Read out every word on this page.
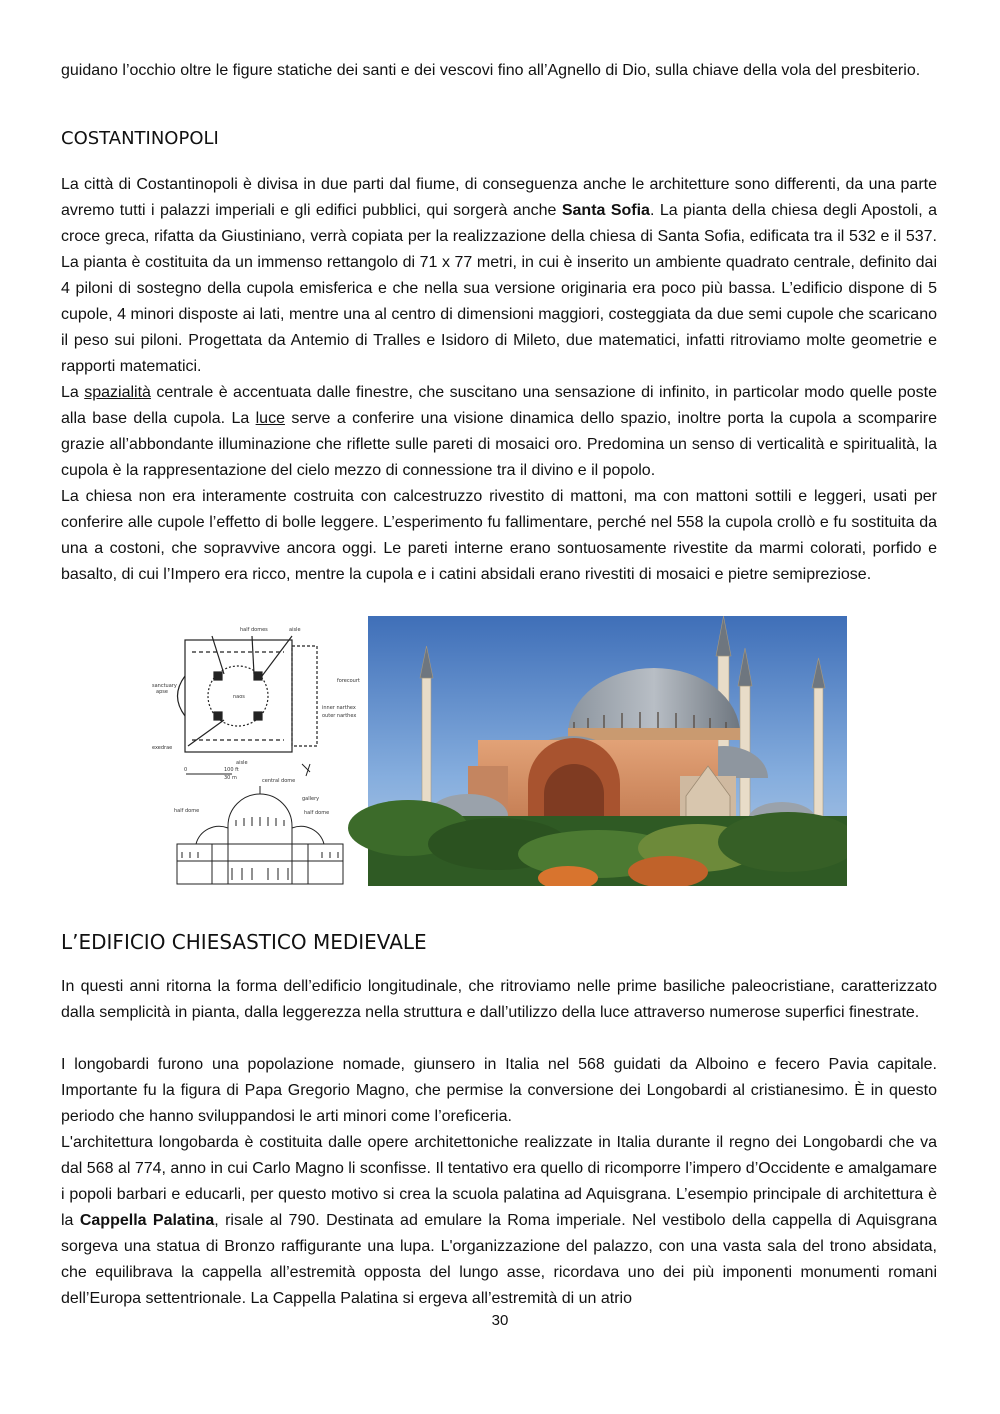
guidano l’occhio oltre le figure statiche dei santi e dei vescovi fino all’Agnello di Dio, sulla chiave della vola del presbiterio.

COSTANTINOPOLI

La città di Costantinopoli è divisa in due parti dal fiume, di conseguenza anche le architetture sono differenti, da una parte avremo tutti i palazzi imperiali e gli edifici pubblici, qui sorgerà anche Santa Sofia. La pianta della chiesa degli Apostoli, a croce greca, rifatta da Giustiniano, verrà copiata per la realizzazione della chiesa di Santa Sofia, edificata tra il 532 e il 537. La pianta è costituita da un immenso rettangolo di 71 x 77 metri, in cui è inserito un ambiente quadrato centrale, definito dai 4 piloni di sostegno della cupola emisferica e che nella sua versione originaria era poco più bassa. L’edificio dispone di 5 cupole, 4 minori disposte ai lati, mentre una al centro di dimensioni maggiori, costeggiata da due semi cupole che scaricano il peso sui piloni. Progettata da Antemio di Tralles e Isidoro di Mileto, due matematici, infatti ritroviamo molte geometrie e rapporti matematici.

La spazialità centrale è accentuata dalle finestre, che suscitano una sensazione di infinito, in particolar modo quelle poste alla base della cupola. La luce serve a conferire una visione dinamica dello spazio, inoltre porta la cupola a scomparire grazie all’abbondante illuminazione che riflette sulle pareti di mosaici oro. Predomina un senso di verticalità e spiritualità, la cupola è la rappresentazione del cielo mezzo di connessione tra il divino e il popolo.

La chiesa non era interamente costruita con calcestruzzo rivestito di mattoni, ma con mattoni sottili e leggeri, usati per conferire alle cupole l’effetto di bolle leggere. L’esperimento fu fallimentare, perché nel 558 la cupola crollò e fu sostituita da una a costoni, che sopravvive ancora oggi. Le pareti interne erano sontuosamente rivestite da marmi colorati, porfido e basalto, di cui l’Impero era ricco, mentre la cupola e i catini absidali erano rivestiti di mosaici e pietre semipreziose.

half domes	aisle
sanctuary
apse
forecourt
naos
inner narthex
outer narthex
exedrae
aisle
0	100 ft
30 m	central dome
gallery
half dome	half dome
L’EDIFICIO CHIESASTICO MEDIEVALE

In questi anni ritorna la forma dell’edificio longitudinale, che ritroviamo nelle prime basiliche paleocristiane, caratterizzato dalla semplicità in pianta, dalla leggerezza nella struttura e dall’utilizzo della luce attraverso numerose superfici finestrate.

I longobardi furono una popolazione nomade, giunsero in Italia nel 568 guidati da Alboino e fecero Pavia capitale. Importante fu la figura di Papa Gregorio Magno, che permise la conversione dei Longobardi al cristianesimo. È in questo periodo che hanno sviluppandosi le arti minori come l’oreficeria.

L'architettura longobarda è costituita dalle opere architettoniche realizzate in Italia durante il regno dei Longobardi che va dal 568 al 774, anno in cui Carlo Magno li sconfisse. Il tentativo era quello di ricomporre l’impero d’Occidente e amalgamare i popoli barbari e educarli, per questo motivo si crea la scuola palatina ad Aquisgrana. L’esempio principale di architettura è la Cappella Palatina, risale al 790. Destinata ad emulare la Roma imperiale. Nel vestibolo della cappella di Aquisgrana sorgeva una statua di Bronzo raffigurante una lupa. L'organizzazione del palazzo, con una vasta sala del trono absidata, che equilibrava la cappella all’estremità opposta del lungo asse, ricordava uno dei più imponenti monumenti romani dell’Europa settentrionale. La Cappella Palatina si ergeva all’estremità di un atrio

30
